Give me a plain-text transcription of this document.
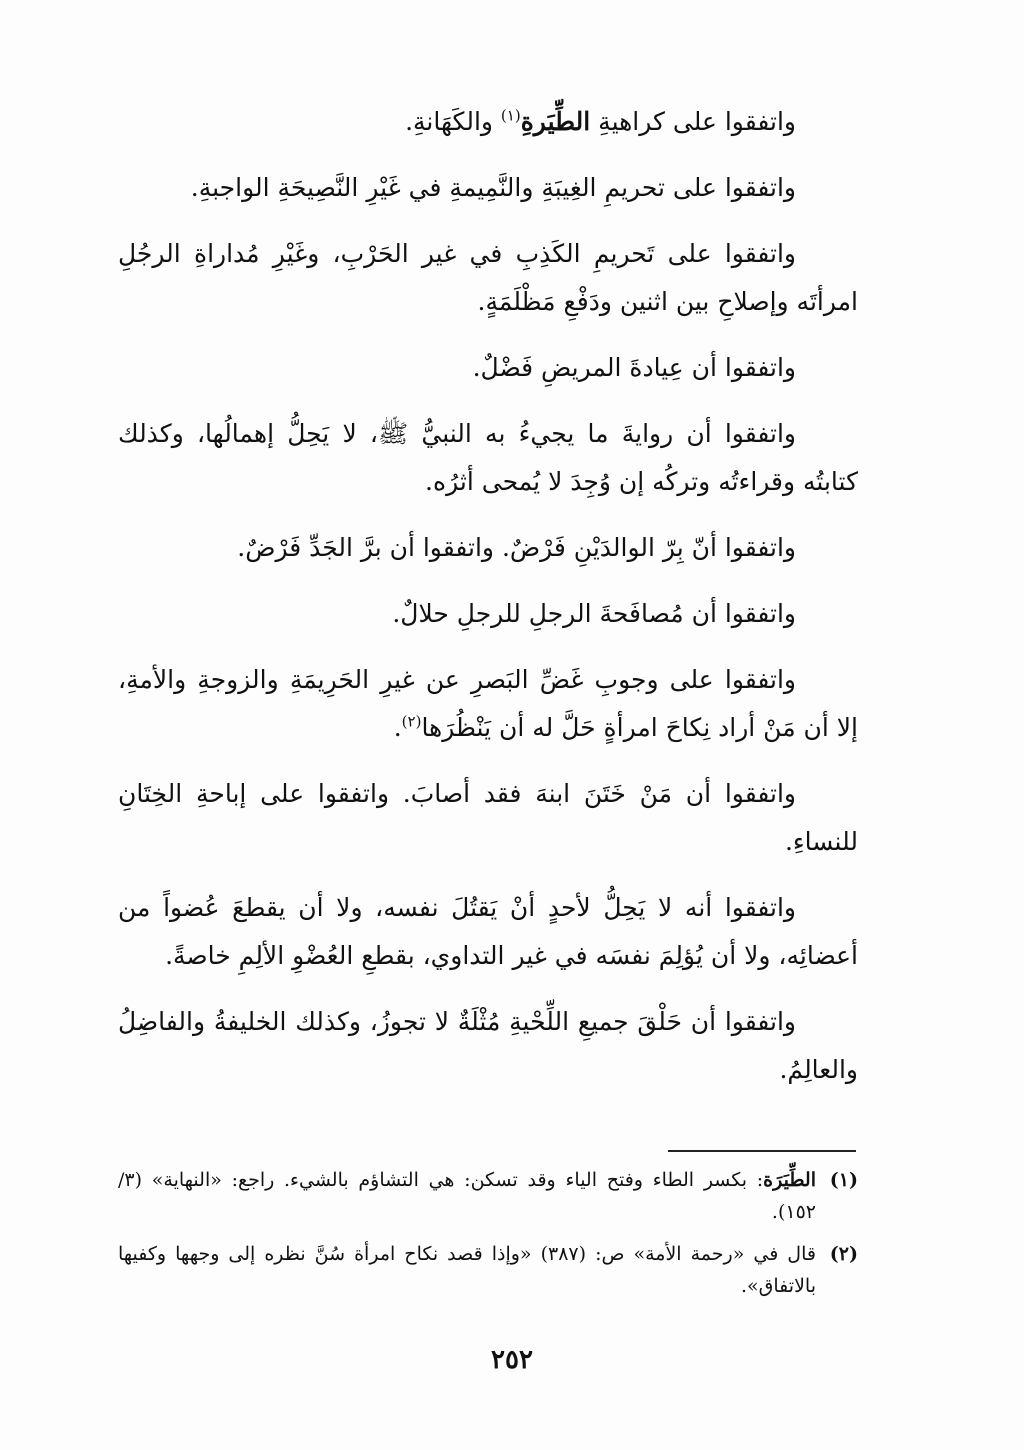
واتفقوا على كراهيةِ الطِّيَرةِ$^{(١)}$ والكَهَانةِ.

واتفقوا على تحريمِ الغِيبَةِ والنَّمِيمةِ في غَيْرِ النَّصِيحَةِ الواجبةِ.

واتفقوا على تَحريمِ الكَذِبِ في غير الحَرْبِ، وغَيْرِ مُداراةِ الرجُلِ امرأتَه وإصلاحِ بين اثنين ودَفْعِ مَظْلَمَةٍ.

واتفقوا أن عِيادةَ المريضِ فَضْلٌ.

واتفقوا أن روايةَ ما يجيءُ به النبيُّ ﷺ، لا يَحِلُّ إهمالُها، وكذلك كتابتُه وقراءتُه وتركُه إن وُجِدَ لا يُمحى أثرُه.

واتفقوا أنّ بِرّ الوالدَيْنِ فَرْضٌ. واتفقوا أن برَّ الجَدِّ فَرْضٌ.

واتفقوا أن مُصافَحةَ الرجلِ للرجلِ حلالٌ.

واتفقوا على وجوبِ غَضِّ البَصرِ عن غيرِ الحَرِيمَةِ والزوجةِ والأمةِ، إلا أن مَنْ أراد نِكاحَ امرأةٍ حَلَّ له أن يَنْظُرَها$^{(٢)}$.

واتفقوا أن مَنْ خَتَنَ ابنهَ فقد أصابَ. واتفقوا على إباحةِ الخِتَانِ للنساءِ.

واتفقوا أنه لا يَحِلُّ لأحدٍ أنْ يَقتُلَ نفسه، ولا أن يقطعَ عُضواً من أعضائِه، ولا أن يُؤلِمَ نفسَه في غير التداوي، بقطعِ العُضْوِ الألِمِ خاصةً.

واتفقوا أن حَلْقَ جميعِ اللِّحْيةِ مُثْلَةٌ لا تجوزُ، وكذلك الخليفةُ والفاضِلُ والعالِمُ.

(١)
الطِّيَرَة: بكسر الطاء وفتح الياء وقد تسكن: هي التشاؤم بالشيء. راجع: «النهاية» (٣/ ١٥٢).
(٢)
قال في «رحمة الأمة» ص: (٣٨٧) «وإذا قصد نكاح امرأة سُنَّ نظره إلى وجهها وكفيها بالاتفاق».
٢٥٢
